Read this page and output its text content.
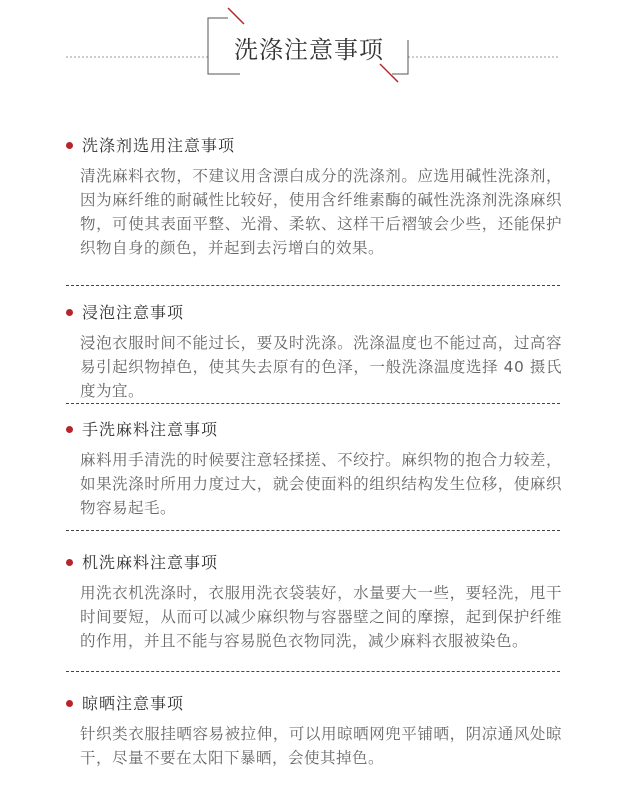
洗涤注意事项
洗涤剂选用注意事项
清洗麻料衣物，不建议用含漂白成分的洗涤剂。应选用碱性洗涤剂，因为麻纤维的耐碱性比较好，使用含纤维素酶的碱性洗涤剂洗涤麻织物，可使其表面平整、光滑、柔软、这样干后褶皱会少些，还能保护织物自身的颜色，并起到去污增白的效果。
浸泡注意事项
浸泡衣服时间不能过长，要及时洗涤。洗涤温度也不能过高，过高容易引起织物掉色，使其失去原有的色泽，一般洗涤温度选择 40 摄氏度为宜。
手洗麻料注意事项
麻料用手清洗的时候要注意轻揉搓、不绞拧。麻织物的抱合力较差，如果洗涤时所用力度过大，就会使面料的组织结构发生位移，使麻织物容易起毛。
机洗麻料注意事项
用洗衣机洗涤时，衣服用洗衣袋装好，水量要大一些，要轻洗，甩干时间要短，从而可以减少麻织物与容器壁之间的摩擦，起到保护纤维的作用，并且不能与容易脱色衣物同洗，减少麻料衣服被染色。
晾晒注意事项
针织类衣服挂晒容易被拉伸，可以用晾晒网兜平铺晒，阴凉通风处晾干，尽量不要在太阳下暴晒，会使其掉色。
